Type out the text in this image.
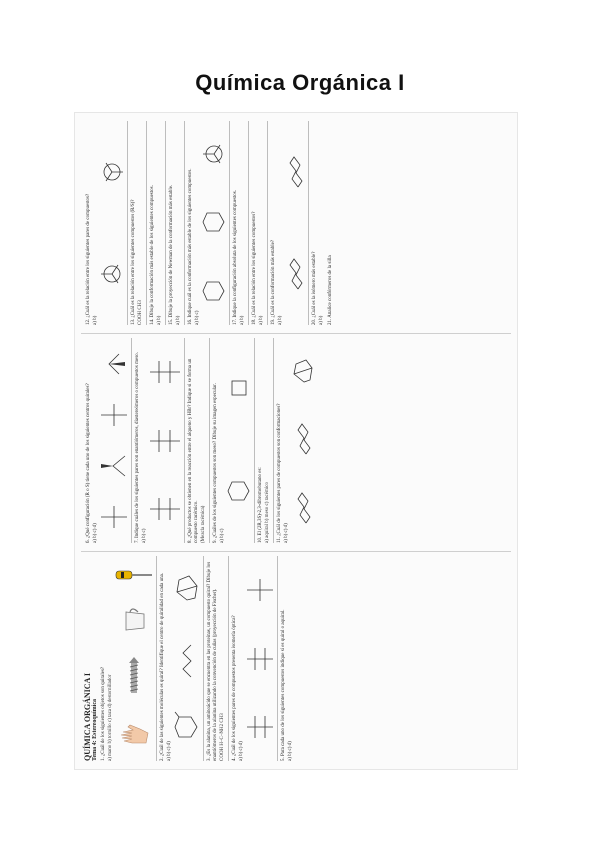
Química Orgánica I
QUÍMICA ORGÁNICA I Tema 4: Estereoquímica 1. ¿Cuál de los siguientes objetos son quirales? a) mano b) tornillo c) taza d) destornillador	2. ¿Cuál de las siguientes moléculas es quiral? Identifique el centro de quiralidad en cada una. a) b) c) d)	3. ¿Es la alanina, un aminoácido que se encuentra en las proteínas, un compuesto quiral? Dibuje los enantiómeros de la alanina utilizando la convención de cuñas (proyección de Fischer). COOH H–C–NH2 CH3 4. ¿Cuál de los siguientes pares de compuestos presenta isomería óptica? a) b) c) d)	5. Para cada uno de los siguientes compuestos indique si es quiral o aquiral. a) b) c) d)
6. ¿Qué configuración (R o S) tiene cada uno de los siguientes centros quirales? a) b) c) d)	7. Indique cuáles de los siguientes pares son enantiómeros, diastereómeros o compuestos meso. a) b) c)	8. ¿Qué productos se obtienen en la reacción entre el alqueno y HBr? Indique si se forma un compuesto racémico. (Mezcla racémica) 9. ¿Cuáles de los siguientes compuestos son meso? Dibuje su imagen especular. a) b) c)	10. El (2R,3S)-2,3-dibromobutano es: a) aquiral b) meso c) racémico 11. ¿Cuál de los siguientes pares de compuestos son conformaciones? a) b) c) d)
12. ¿Cuál es la relación entre los siguientes pares de compuestos? a) b)	13. ¿Cuál es la relación entre los siguientes compuestos (R/S)? COOH CH3 14. Dibuje la conformación más estable de los siguientes compuestos. a) b) 15. Dibuje la proyección de Newman de la conformación más estable. a) b) 16. Indique cuál es la conformación más estable de los siguientes compuestos. a) b) c)	17. Indique la configuración absoluta de los siguientes compuestos. a) b) 18. ¿Cuál es la relación entre los siguientes compuestos? a) b) 19. ¿Cuál es la conformación más estable? a) b)	20. ¿Cuál es la isómero más estable? a) b) 21. Analice confórmeros de la silla
